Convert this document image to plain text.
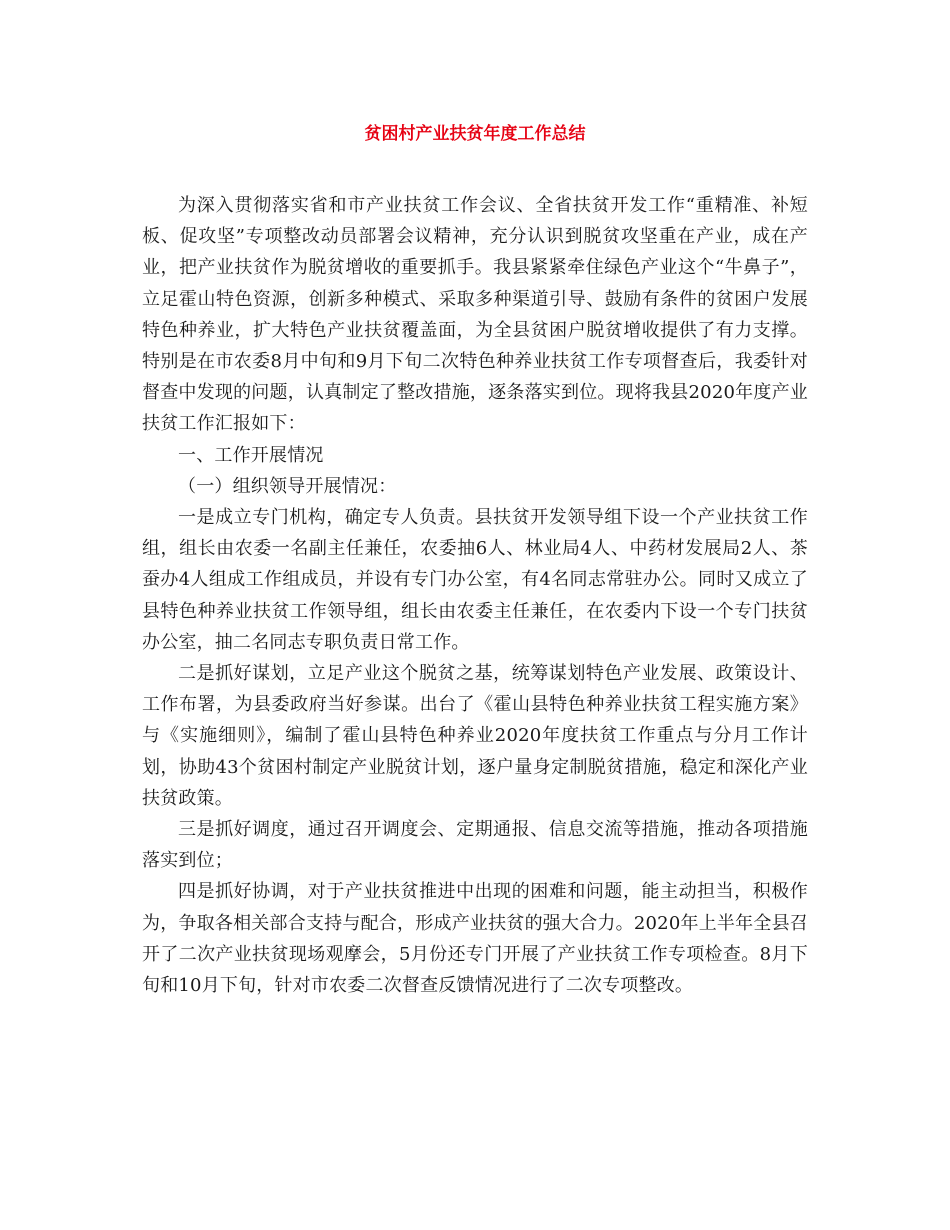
贫困村产业扶贫年度工作总结

为深入贯彻落实省和市产业扶贫工作会议、全省扶贫开发工作“重精准、补短板、促攻坚”专项整改动员部署会议精神，充分认识到脱贫攻坚重在产业，成在产业，把产业扶贫作为脱贫增收的重要抓手。我县紧紧牵住绿色产业这个“牛鼻子”，立足霍山特色资源，创新多种模式、采取多种渠道引导、鼓励有条件的贫困户发展特色种养业，扩大特色产业扶贫覆盖面，为全县贫困户脱贫增收提供了有力支撑。特别是在市农委8月中旬和9月下旬二次特色种养业扶贫工作专项督查后，我委针对督查中发现的问题，认真制定了整改措施，逐条落实到位。现将我县2020年度产业扶贫工作汇报如下：

一、工作开展情况

（一）组织领导开展情况：

一是成立专门机构，确定专人负责。县扶贫开发领导组下设一个产业扶贫工作组，组长由农委一名副主任兼任，农委抽6人、林业局4人、中药材发展局2人、茶蚕办4人组成工作组成员，并设有专门办公室，有4名同志常驻办公。同时又成立了县特色种养业扶贫工作领导组，组长由农委主任兼任，在农委内下设一个专门扶贫办公室，抽二名同志专职负责日常工作。

二是抓好谋划，立足产业这个脱贫之基，统筹谋划特色产业发展、政策设计、工作布署，为县委政府当好参谋。出台了《霍山县特色种养业扶贫工程实施方案》与《实施细则》，编制了霍山县特色种养业2020年度扶贫工作重点与分月工作计划，协助43个贫困村制定产业脱贫计划，逐户量身定制脱贫措施，稳定和深化产业扶贫政策。

三是抓好调度，通过召开调度会、定期通报、信息交流等措施，推动各项措施落实到位；

四是抓好协调，对于产业扶贫推进中出现的困难和问题，能主动担当，积极作为，争取各相关部合支持与配合，形成产业扶贫的强大合力。2020年上半年全县召开了二次产业扶贫现场观摩会，5月份还专门开展了产业扶贫工作专项检查。8月下旬和10月下旬，针对市农委二次督查反馈情况进行了二次专项整改。
